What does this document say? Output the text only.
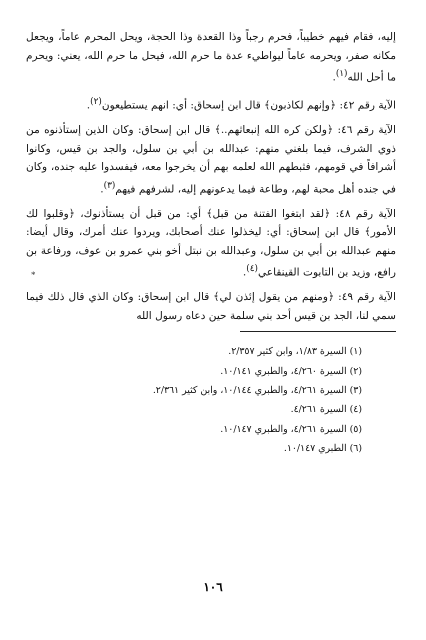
إليه، فقام فيهم خطيباً، فحرم رجباً وذا القعدة وذا الحجة، ويحل المحرم عاماً، ويجعل مكانه صفر، ويحرمه عاماً ليواطيء عدة ما حرم الله، فيحل ما حرم الله، يعني: ويحرم ما أحل الله$^{(١)}$.

الآية رقم ٤٢: ﴿وإنهم لكاذبون﴾ قال ابن إسحاق: أي: انهم يستطيعون$^{(٢)}$.

الآية رقم ٤٦: ﴿ولكن كره الله إنبعاثهم..﴾ قال ابن إسحاق: وكان الذين إستأذنوه من ذوي الشرف، فيما بلغني منهم: عبدالله بن أبي بن سلول، والجد بن قيس، وكانوا أشرافاً في قومهم، فثبطهم الله لعلمه بهم أن يخرجوا معه، فيفسدوا عليه جنده، وكان في جنده أهل محبة لهم، وطاعة فيما يدعونهم إليه، لشرفهم فيهم$^{(٣)}$.

الآية رقم ٤٨: ﴿لقد ابتغوا الفتنة من قبل﴾ أي: من قبل أن يستأذنوك، ﴿وقلبوا لك الأمور﴾ قال ابن إسحاق: أي: ليخذلوا عنك أصحابك، ويردوا عنك أمرك، وقال أيضا: منهم عبدالله بن أبي بن سلول، وعبدالله بن نبتل أخو بني عمرو بن عوف، ورفاعة بن رافع، وزيد بن التابوت القينقاعي$^{(٤)}$.

الآية رقم ٤٩: ﴿ومنهم من يقول إئذن لي﴾ قال ابن إسحاق: وكان الذي قال ذلك فيما سمي لنا، الجد بن قيس أحد بني سلمة حين دعاه رسول الله

(١) السيرة ١/٨٣، وابن كثير ٢/٣٥٧.
(٢) السيرة ٤/٢٦٠، والطبري ١٠/١٤١.
(٣) السيرة ٤/٢٦١، والطبري ١٠/١٤٤، وابن كثير ٢/٣٦١.
(٤) السيرة ٤/٢٦١.
(٥) السيرة ٤/٢٦١، والطبري ١٠/١٤٧.
(٦) الطبري ١٠/١٤٧.
*
١٠٦
